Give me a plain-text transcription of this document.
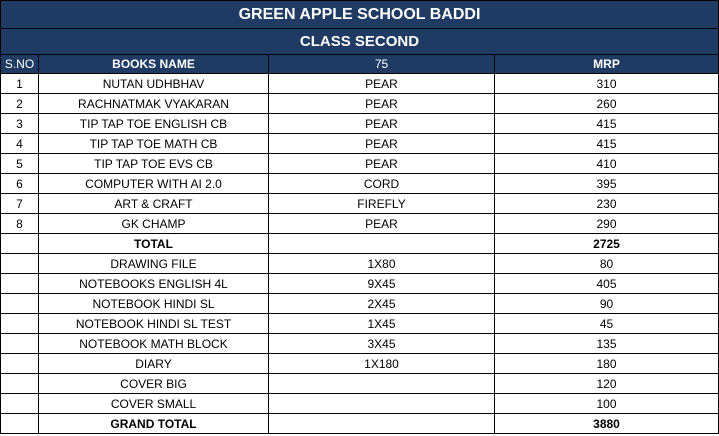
GREEN APPLE SCHOOL BADDI			
CLASS SECOND			
S.NO	BOOKS NAME	75	MRP
1	NUTAN UDHBHAV	PEAR	310
2	RACHNATMAK VYAKARAN	PEAR	260
3	TIP TAP TOE ENGLISH CB	PEAR	415
4	TIP TAP TOE MATH CB	PEAR	415
5	TIP TAP TOE EVS CB	PEAR	410
6	COMPUTER WITH AI 2.0	CORD	395
7	ART & CRAFT	FIREFLY	230
8	GK CHAMP	PEAR	290
	TOTAL		2725
	DRAWING FILE	1X80	80
	NOTEBOOKS ENGLISH 4L	9X45	405
	NOTEBOOK HINDI SL	2X45	90
	NOTEBOOK HINDI SL TEST	1X45	45
	NOTEBOOK MATH BLOCK	3X45	135
	DIARY	1X180	180
	COVER BIG		120
	COVER SMALL		100
	GRAND TOTAL		3880
